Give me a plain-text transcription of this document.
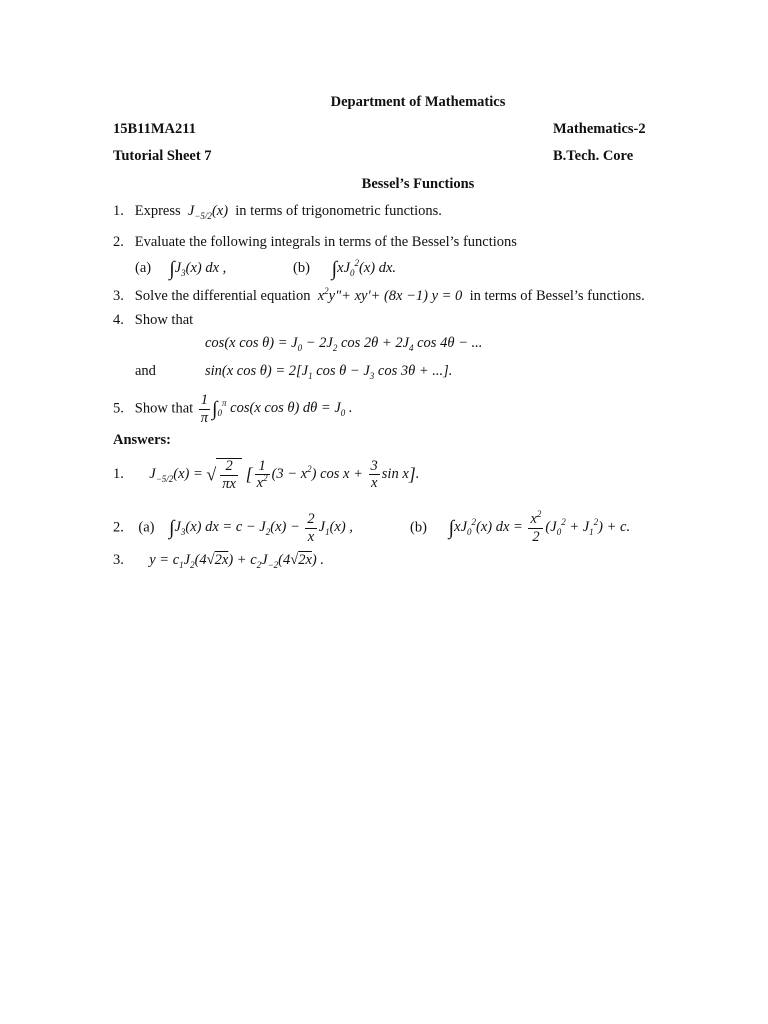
Department of Mathematics
15B11MA211	Mathematics-2
Tutorial Sheet 7	B.Tech. Core
Bessel’s Functions
1. Express $J_{-5/2}(x)$ in terms of trigonometric functions.
2. Evaluate the following integrals in terms of the Bessel’s functions
(a) $\int J_3(x)$ dx ,	(b) $\int xJ_0^2(x)$ dx.
3. Solve the differential equation $x^2y"+ xy'+ (8x -1) y = 0$ in terms of Bessel’s functions.
4. Show that
cos(x $\cos \theta) = J_0 - 2J_2$ $\cos 2\theta + 2J_4$ cos 4θ − ...
and	sin(x $\cos \theta) = 2[J_1$ $\cos \theta - J_3$ cos 3θ + ...].
5. Show that $\frac{1}{\pi} \int_0^\pi$ cos(x cos θ) $d\theta = J_0$ .
Answers:
1.       $J_{-5/2}(x)$ = √ $\frac{2}{\pi x}$ [ $\frac{1}{x^2} (3 - x^2)$ $\cos x + \frac{3}{x}$ sin x].
2. (a) $\int J_3(x)$ dx = $c - J_2(x) - \frac{2}{x} J_1(x)$ ,	(b) $\int xJ_0^2(x)$ dx = $\frac{x^2}{2} (J_0^2 + J_1^2) + c$.
3. $y = c_1J_2(4√2x) + c_2J_{-2}(4√2x)$ .
